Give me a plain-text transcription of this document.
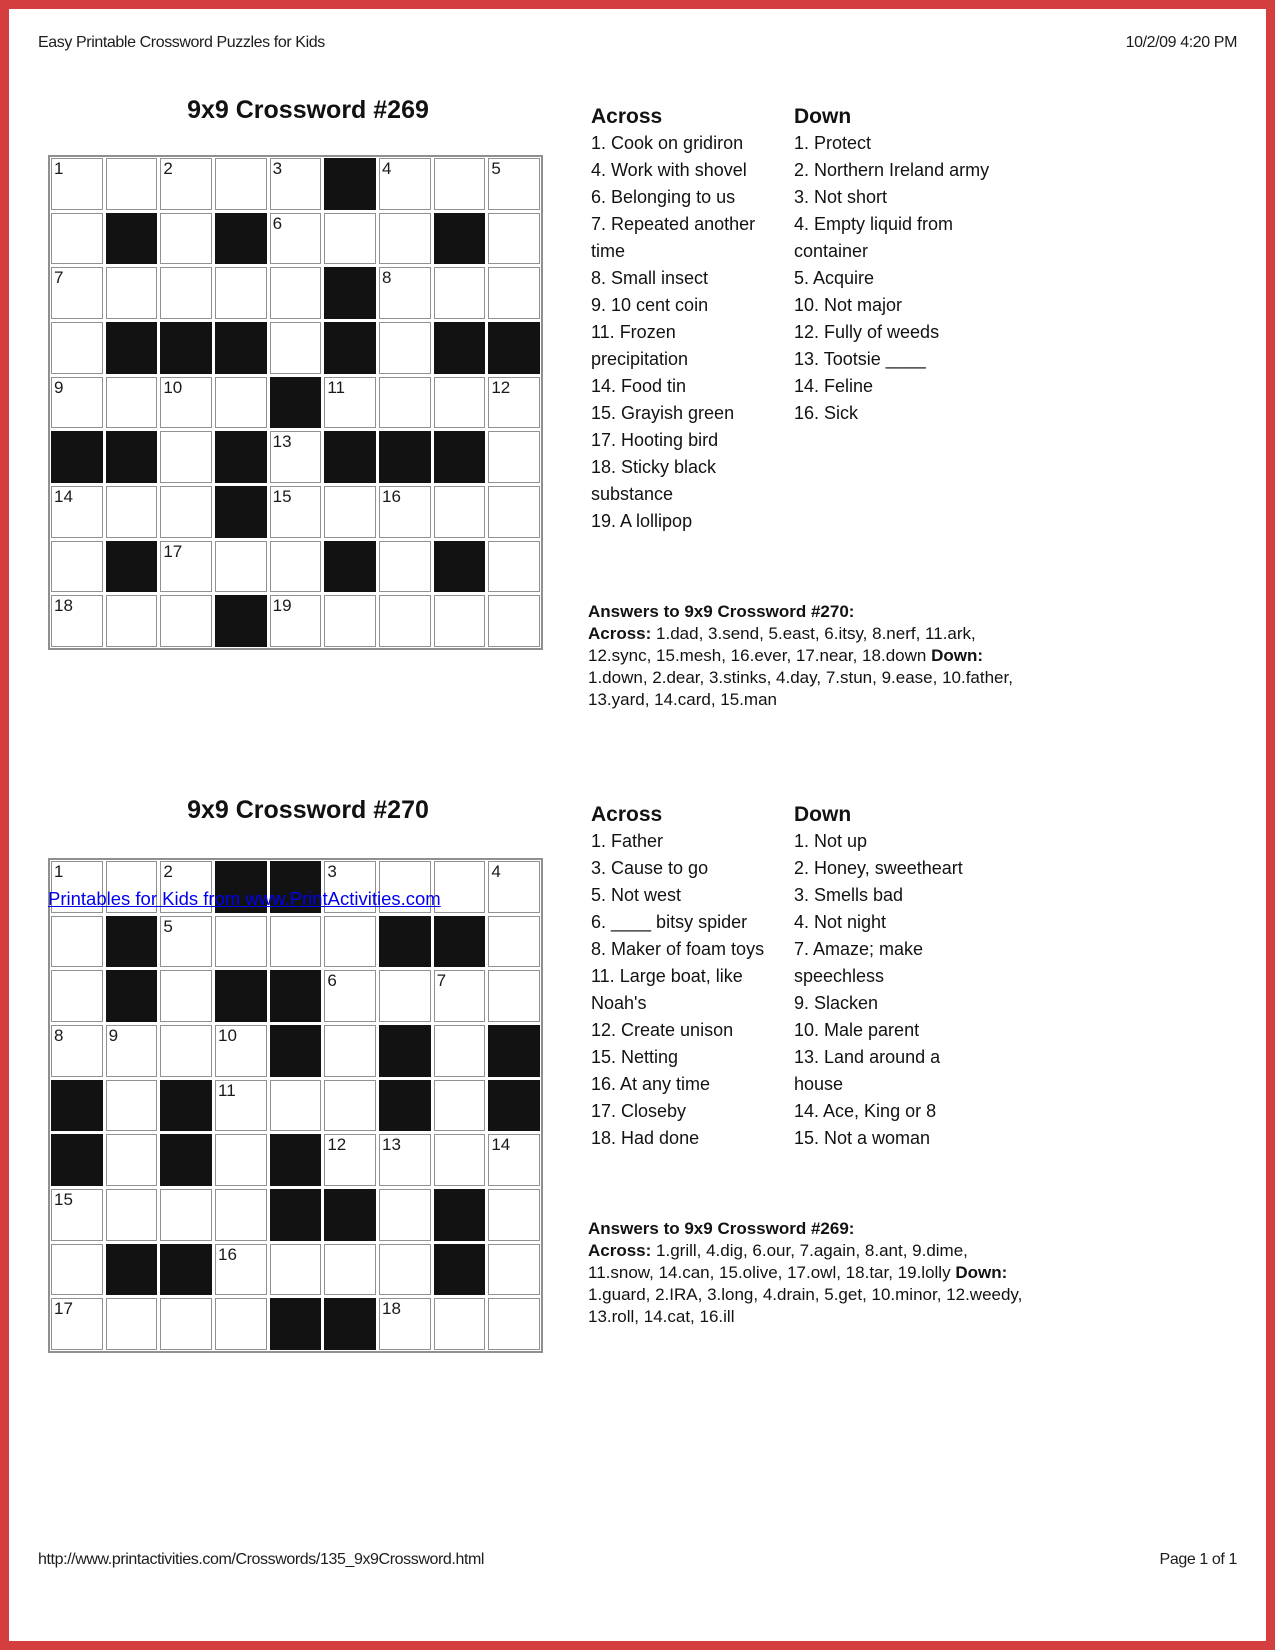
Easy Printable Crossword Puzzles for Kids	10/2/09 4:20 PM
9x9 Crossword #269
1	2	3	4	5
6
7	8
9	10	11	12
13
14	15	16
17
18	19
Across
1. Cook on gridiron
4. Work with shovel
6. Belonging to us
7. Repeated another
time
8. Small insect
9. 10 cent coin
11. Frozen
precipitation
14. Food tin
15. Grayish green
17. Hooting bird
18. Sticky black
substance
19. A lollipop
Down
1. Protect
2. Northern Ireland army
3. Not short
4. Empty liquid from
container
5. Acquire
10. Not major
12. Fully of weeds
13. Tootsie ____
14. Feline
16. Sick
Answers to 9x9 Crossword #270:
Across: 1.dad, 3.send, 5.east, 6.itsy, 8.nerf, 11.ark,
12.sync, 15.mesh, 16.ever, 17.near, 18.down Down:
1.down, 2.dear, 3.stinks, 4.day, 7.stun, 9.ease, 10.father,
13.yard, 14.card, 15.man
9x9 Crossword #270
1	2	3	4
5
6	7
8	9	10
11
12 13	14
15
16
17	18
Printables for Kids from www.PrintActivities.com
Across
1. Father
3. Cause to go
5. Not west
6. ____ bitsy spider
8. Maker of foam toys
11. Large boat, like
Noah's
12. Create unison
15. Netting
16. At any time
17. Closeby
18. Had done
Down
1. Not up
2. Honey, sweetheart
3. Smells bad
4. Not night
7. Amaze; make
speechless
9. Slacken
10. Male parent
13. Land around a
house
14. Ace, King or 8
15. Not a woman
Answers to 9x9 Crossword #269:
Across: 1.grill, 4.dig, 6.our, 7.again, 8.ant, 9.dime,
11.snow, 14.can, 15.olive, 17.owl, 18.tar, 19.lolly Down:
1.guard, 2.IRA, 3.long, 4.drain, 5.get, 10.minor, 12.weedy,
13.roll, 14.cat, 16.ill
http://www.printactivities.com/Crosswords/135_9x9Crossword.html	Page 1 of 1
